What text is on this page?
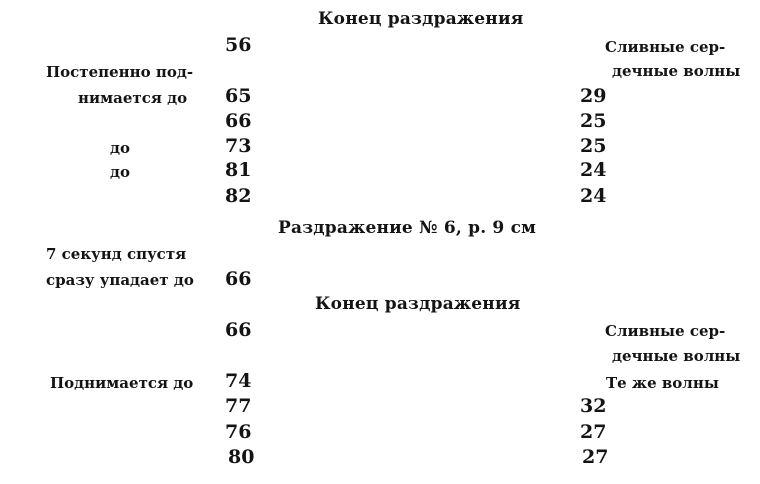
Конец раздражения
56	Сливные сер-
Постепенно под-	дечные волны
нимается до 65	29
66	25
до	73	25
до	81	24
82	24
Раздражение № 6, р. 9 см
7 секунд спустя
сразу упадает до 66
Конец раздражения
66	Сливные сер-
дечные волны
Поднимается до 74	Те же волны
77	32
76	27
80	27
